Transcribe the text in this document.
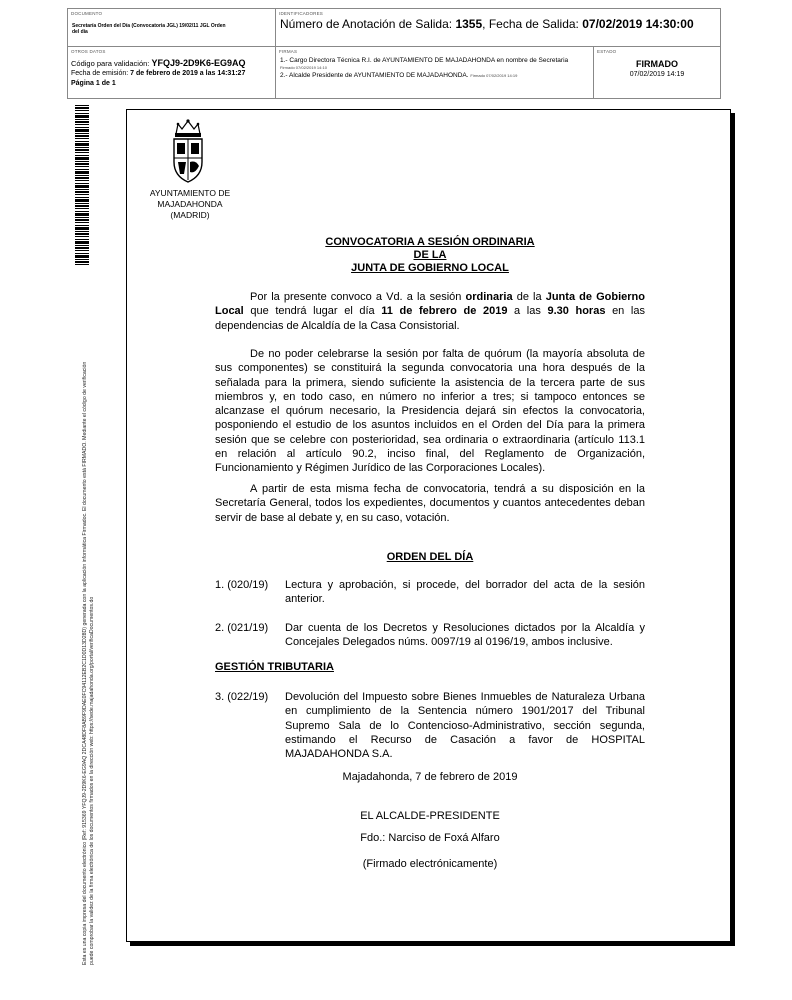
DOCUMENTO
Secretaría Orden del Día (Convocatoria JGL) 19/02/11 JGL Orden del día
IDENTIFICADORES
Número de Anotación de Salida: 1355, Fecha de Salida: 07/02/2019 14:30:00
OTROS DATOS
Código para validación: YFQJ9-2D9K6-EG9AQ
Fecha de emisión: 7 de febrero de 2019 a las 14:31:27
Página 1 de 1
FIRMAS
1.- Cargo Directora Técnica R.I. de AYUNTAMIENTO DE MAJADAHONDA en nombre de Secretaria
Firmado 07/02/2019 14:10
2.- Alcalde Presidente de AYUNTAMIENTO DE MAJADAHONDA. Firmado 07/02/2019 14:19
ESTADO
FIRMADO
07/02/2019 14:19
Esta es una copia impresa del documento electrónico (Ref: 915369 YFQJ9-2D9K6-EG9AQ 2DCA48DF8AB9F9DAE0FC94112EB2C1D0D13D28D) generada con la aplicación informática Firmadoc. El documento está FIRMADO. Mediante el código de verificación puede comprobar la validez de la firma electrónica de los documentos firmados en la dirección web: https://sede.majadahonda.org/portal/verificaDocumentos.do
AYUNTAMIENTO DE
MAJADAHONDA
(MADRID)
CONVOCATORIA A SESIÓN ORDINARIA
DE LA
JUNTA DE GOBIERNO LOCAL
Por la presente convoco a Vd. a la sesión ordinaria de la Junta de Gobierno Local que tendrá lugar el día 11 de febrero de 2019 a las 9.30 horas en las dependencias de Alcaldía de la Casa Consistorial.
De no poder celebrarse la sesión por falta de quórum (la mayoría absoluta de sus componentes) se constituirá la segunda convocatoria una hora después de la señalada para la primera, siendo suficiente la asistencia de la tercera parte de sus miembros y, en todo caso, en número no inferior a tres; si tampoco entonces se alcanzase el quórum necesario, la Presidencia dejará sin efectos la convocatoria, posponiendo el estudio de los asuntos incluidos en el Orden del Día para la primera sesión que se celebre con posterioridad, sea ordinaria o extraordinaria (artículo 113.1 en relación al artículo 90.2, inciso final, del Reglamento de Organización, Funcionamiento y Régimen Jurídico de las Corporaciones Locales).
A partir de esta misma fecha de convocatoria, tendrá a su disposición en la Secretaría General, todos los expedientes, documentos y cuantos antecedentes deban servir de base al debate y, en su caso, votación.
ORDEN DEL DÍA
1. (020/19) Lectura y aprobación, si procede, del borrador del acta de la sesión anterior.
2. (021/19) Dar cuenta de los Decretos y Resoluciones dictados por la Alcaldía y Concejales Delegados núms. 0097/19 al 0196/19, ambos inclusive.
GESTIÓN TRIBUTARIA
3. (022/19) Devolución del Impuesto sobre Bienes Inmuebles de Naturaleza Urbana en cumplimiento de la Sentencia número 1901/2017 del Tribunal Supremo Sala de lo Contencioso-Administrativo, sección segunda, estimando el Recurso de Casación a favor de HOSPITAL MAJADAHONDA S.A.
Majadahonda, 7 de febrero de 2019
EL ALCALDE-PRESIDENTE
Fdo.: Narciso de Foxá Alfaro
(Firmado electrónicamente)
